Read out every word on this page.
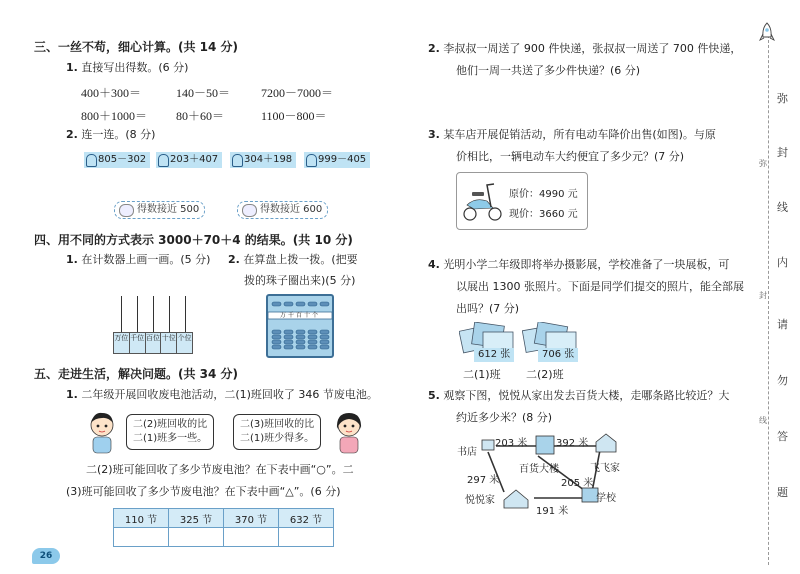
三、一丝不苟，细心计算。(共 14 分)
1. 直接写出得数。(6 分)
400＋300＝	140－50＝	7200－7000＝
800＋1000＝ 80＋60＝	1100－800＝
2. 连一连。(8 分)
805－302	203＋407	304＋198	999－405
得数接近 500	得数接近 600
四、用不同的方式表示 3000＋70＋4 的结果。(共 10 分)
1. 在计数器上画一画。(5 分) 2. 在算盘上拨一拨。(把要
拨的珠子圈出来)(5 分)
万位 千位 百位 十位 个位
万千百十个
五、走进生活，解决问题。(共 34 分)
1. 二年级开展回收废电池活动，二(1)班回收了 346 节废电池。
二(2)班回收的比
二(1)班多一些。
二(3)班回收的比
二(1)班少得多。
二(2)班可能回收了多少节废电池？在下表中画“○”。二
(3)班可能回收了多少节废电池？在下表中画“△”。(6 分)
110 节	325 节	370 节	632 节

26
2. 李叔叔一周送了 900 件快递，张叔叔一周送了 700 件快递，
他们一周一共送了多少件快递？(6 分)
3. 某车店开展促销活动，所有电动车降价出售(如图)。与原
价相比，一辆电动车大约便宜了多少元？(7 分)
原价：4990 元
现价：3660 元
4. 光明小学二年级即将举办摄影展，学校准备了一块展板，可
以展出 1300 张照片。下面是同学们提交的照片，能全部展
出吗？(7 分)
612 张	706 张
二(1)班 二(2)班
5. 观察下图，悦悦从家出发去百货大楼，走哪条路比较近？大
约近多少米？(8 分)
书店
203 米	392 米
百货大楼	飞飞家
297 米	205 米
悦悦家	学校
191 米
弥
封
线
内
请
勿
答
题
弥
封
线
